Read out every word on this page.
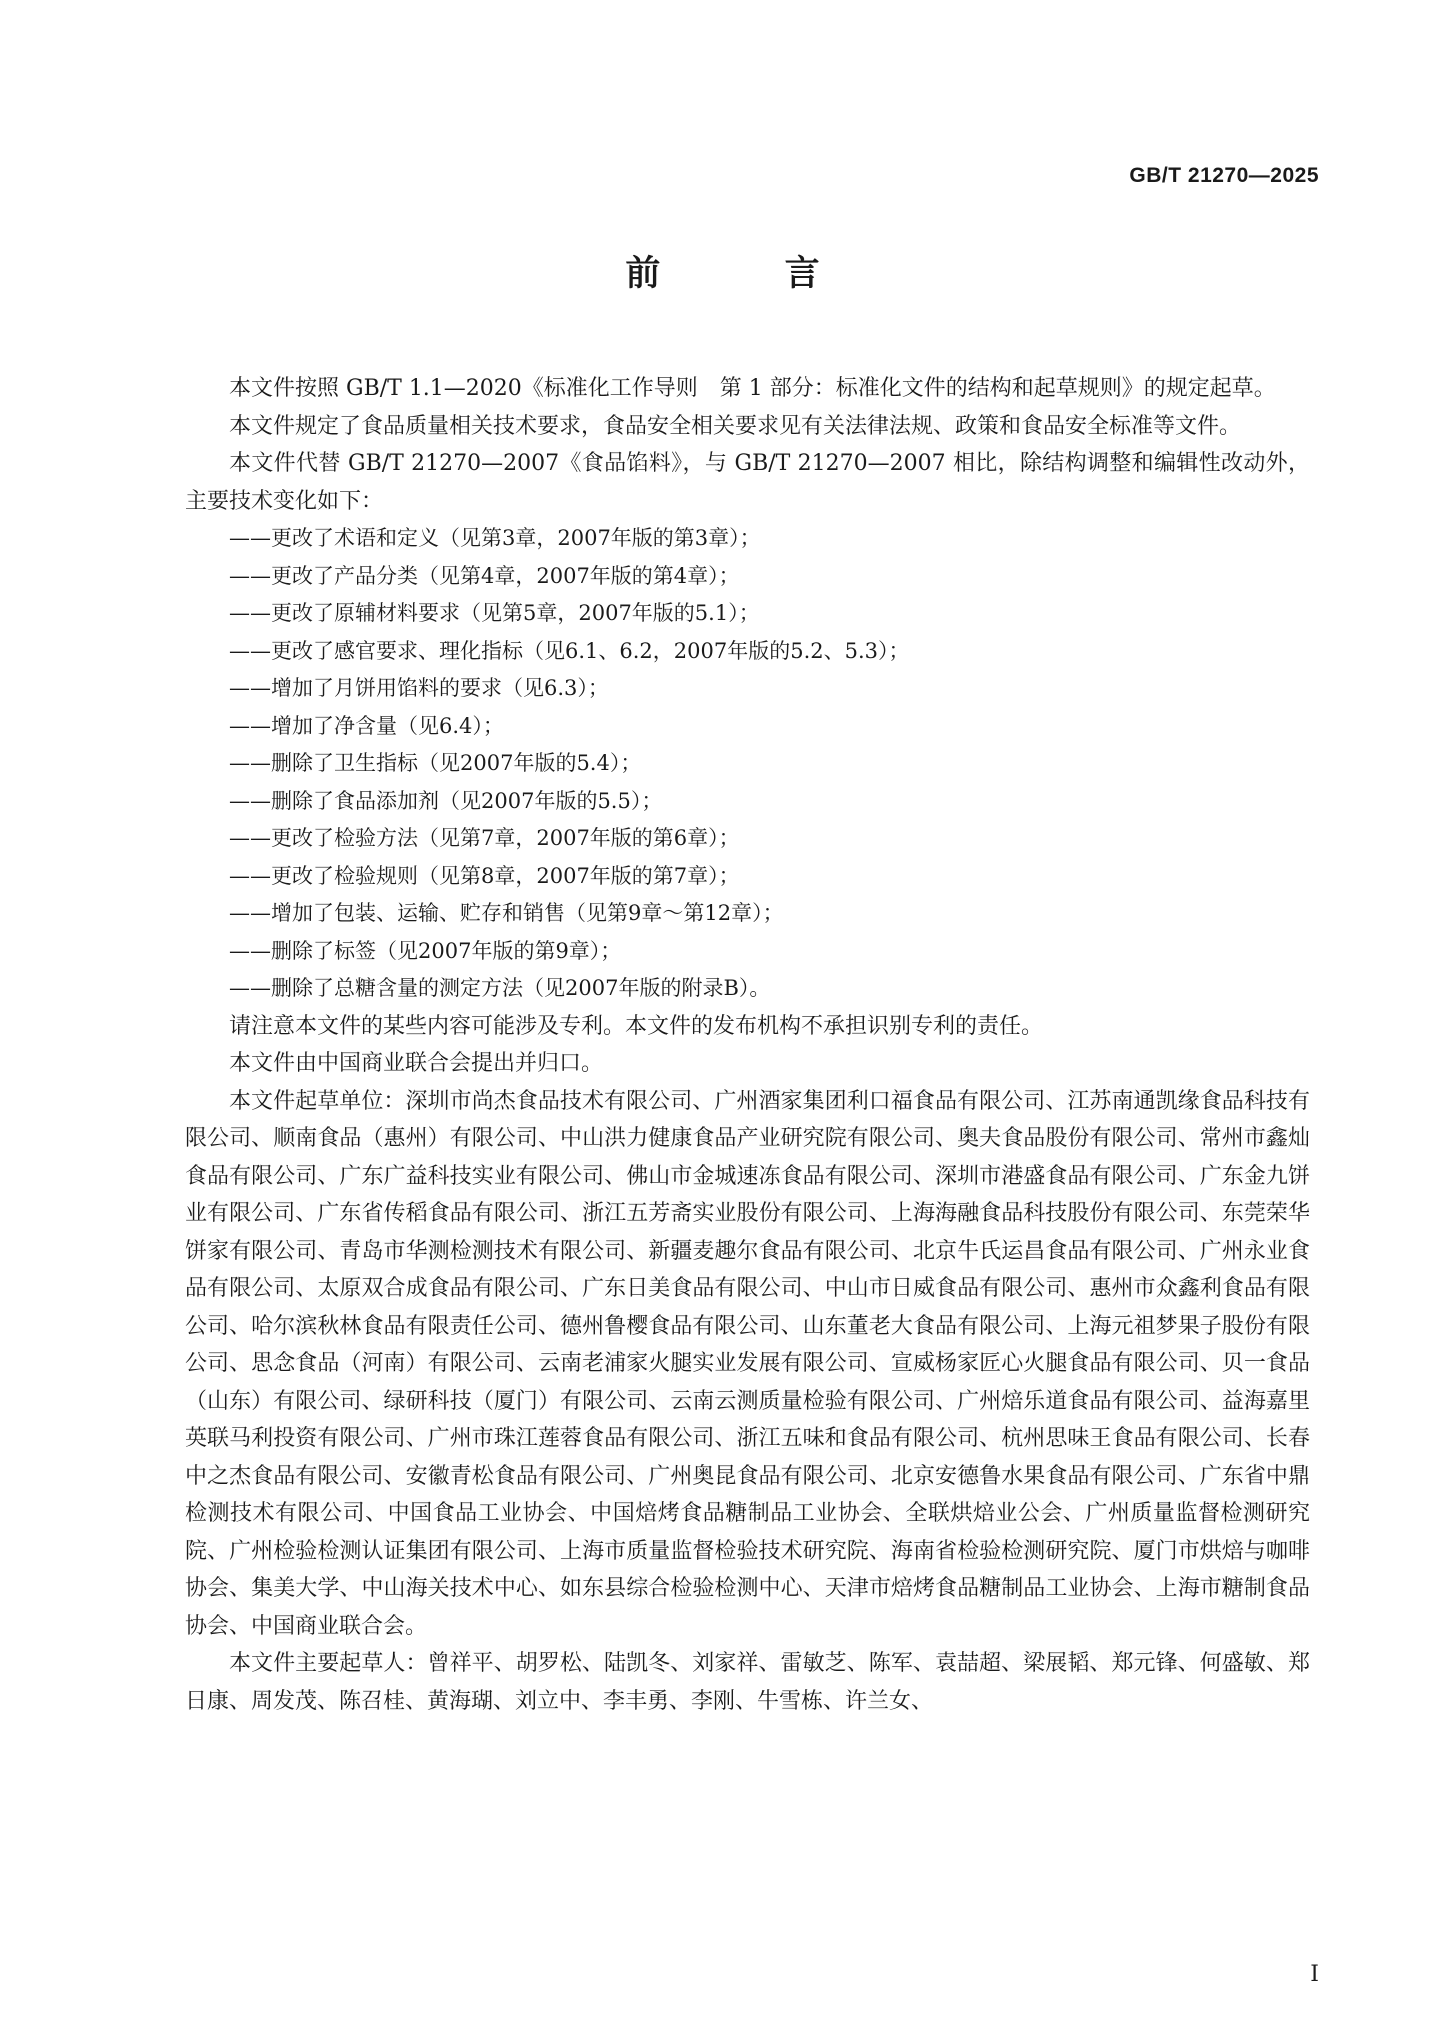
GB/T 21270—2025
前 言

本文件按照 GB/T 1.1—2020《标准化工作导则　第 1 部分：标准化文件的结构和起草规则》的规定起草。

本文件规定了食品质量相关技术要求，食品安全相关要求见有关法律法规、政策和食品安全标准等文件。

本文件代替 GB/T 21270—2007《食品馅料》，与 GB/T 21270—2007 相比，除结构调整和编辑性改动外，主要技术变化如下：

——更改了术语和定义（见第3章，2007年版的第3章）；
——更改了产品分类（见第4章，2007年版的第4章）；
——更改了原辅材料要求（见第5章，2007年版的5.1）；
——更改了感官要求、理化指标（见6.1、6.2，2007年版的5.2、5.3）；
——增加了月饼用馅料的要求（见6.3）；
——增加了净含量（见6.4）；
——删除了卫生指标（见2007年版的5.4）；
——删除了食品添加剂（见2007年版的5.5）；
——更改了检验方法（见第7章，2007年版的第6章）；
——更改了检验规则（见第8章，2007年版的第7章）；
——增加了包装、运输、贮存和销售（见第9章～第12章）；
——删除了标签（见2007年版的第9章）；
——删除了总糖含量的测定方法（见2007年版的附录B）。

请注意本文件的某些内容可能涉及专利。本文件的发布机构不承担识别专利的责任。

本文件由中国商业联合会提出并归口。

本文件起草单位：深圳市尚杰食品技术有限公司、广州酒家集团利口福食品有限公司、江苏南通凯缘食品科技有限公司、顺南食品（惠州）有限公司、中山洪力健康食品产业研究院有限公司、奥夫食品股份有限公司、常州市鑫灿食品有限公司、广东广益科技实业有限公司、佛山市金城速冻食品有限公司、深圳市港盛食品有限公司、广东金九饼业有限公司、广东省传稻食品有限公司、浙江五芳斋实业股份有限公司、上海海融食品科技股份有限公司、东莞荣华饼家有限公司、青岛市华测检测技术有限公司、新疆麦趣尔食品有限公司、北京牛氏运昌食品有限公司、广州永业食品有限公司、太原双合成食品有限公司、广东日美食品有限公司、中山市日威食品有限公司、惠州市众鑫利食品有限公司、哈尔滨秋林食品有限责任公司、德州鲁樱食品有限公司、山东董老大食品有限公司、上海元祖梦果子股份有限公司、思念食品（河南）有限公司、云南老浦家火腿实业发展有限公司、宣威杨家匠心火腿食品有限公司、贝一食品（山东）有限公司、绿研科技（厦门）有限公司、云南云测质量检验有限公司、广州焙乐道食品有限公司、益海嘉里英联马利投资有限公司、广州市珠江莲蓉食品有限公司、浙江五味和食品有限公司、杭州思味王食品有限公司、长春中之杰食品有限公司、安徽青松食品有限公司、广州奥昆食品有限公司、北京安德鲁水果食品有限公司、广东省中鼎检测技术有限公司、中国食品工业协会、中国焙烤食品糖制品工业协会、全联烘焙业公会、广州质量监督检测研究院、广州检验检测认证集团有限公司、上海市质量监督检验技术研究院、海南省检验检测研究院、厦门市烘焙与咖啡协会、集美大学、中山海关技术中心、如东县综合检验检测中心、天津市焙烤食品糖制品工业协会、上海市糖制食品协会、中国商业联合会。

本文件主要起草人：曾祥平、胡罗松、陆凯冬、刘家祥、雷敏芝、陈军、袁喆超、梁展韬、郑元锋、何盛敏、郑日康、周发茂、陈召桂、黄海瑚、刘立中、李丰勇、李刚、牛雪栋、许兰女、

I
